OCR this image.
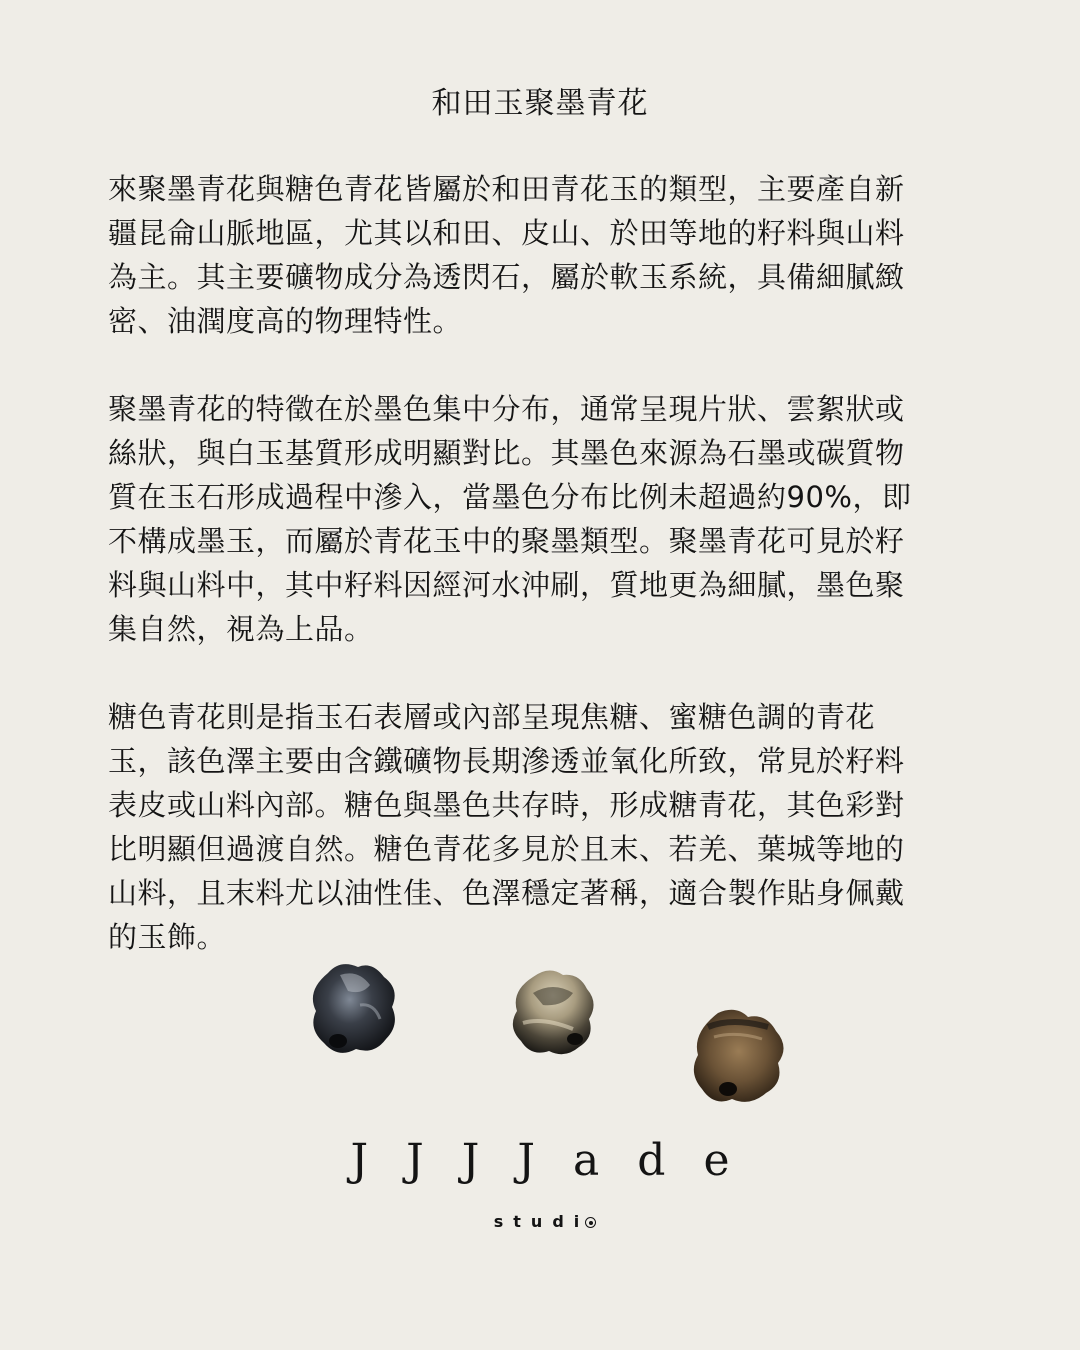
和田玉聚墨青花

來聚墨青花與糖色青花皆屬於和田青花玉的類型，主要產自新
疆昆侖山脈地區，尤其以和田、皮山、於田等地的籽料與山料
為主。其主要礦物成分為透閃石，屬於軟玉系統，具備細膩緻
密、油潤度高的物理特性。

聚墨青花的特徵在於墨色集中分布，通常呈現片狀、雲絮狀或
絲狀，與白玉基質形成明顯對比。其墨色來源為石墨或碳質物
質在玉石形成過程中滲入，當墨色分布比例未超過約90%，即
不構成墨玉，而屬於青花玉中的聚墨類型。聚墨青花可見於籽
料與山料中，其中籽料因經河水沖刷，質地更為細膩，墨色聚
集自然，視為上品。

糖色青花則是指玉石表層或內部呈現焦糖、蜜糖色調的青花
玉，該色澤主要由含鐵礦物長期滲透並氧化所致，常見於籽料
表皮或山料內部。糖色與墨色共存時，形成糖青花，其色彩對
比明顯但過渡自然。糖色青花多見於且末、若羌、葉城等地的
山料，且末料尤以油性佳、色澤穩定著稱，適合製作貼身佩戴
的玉飾。

JJJJade
studi
